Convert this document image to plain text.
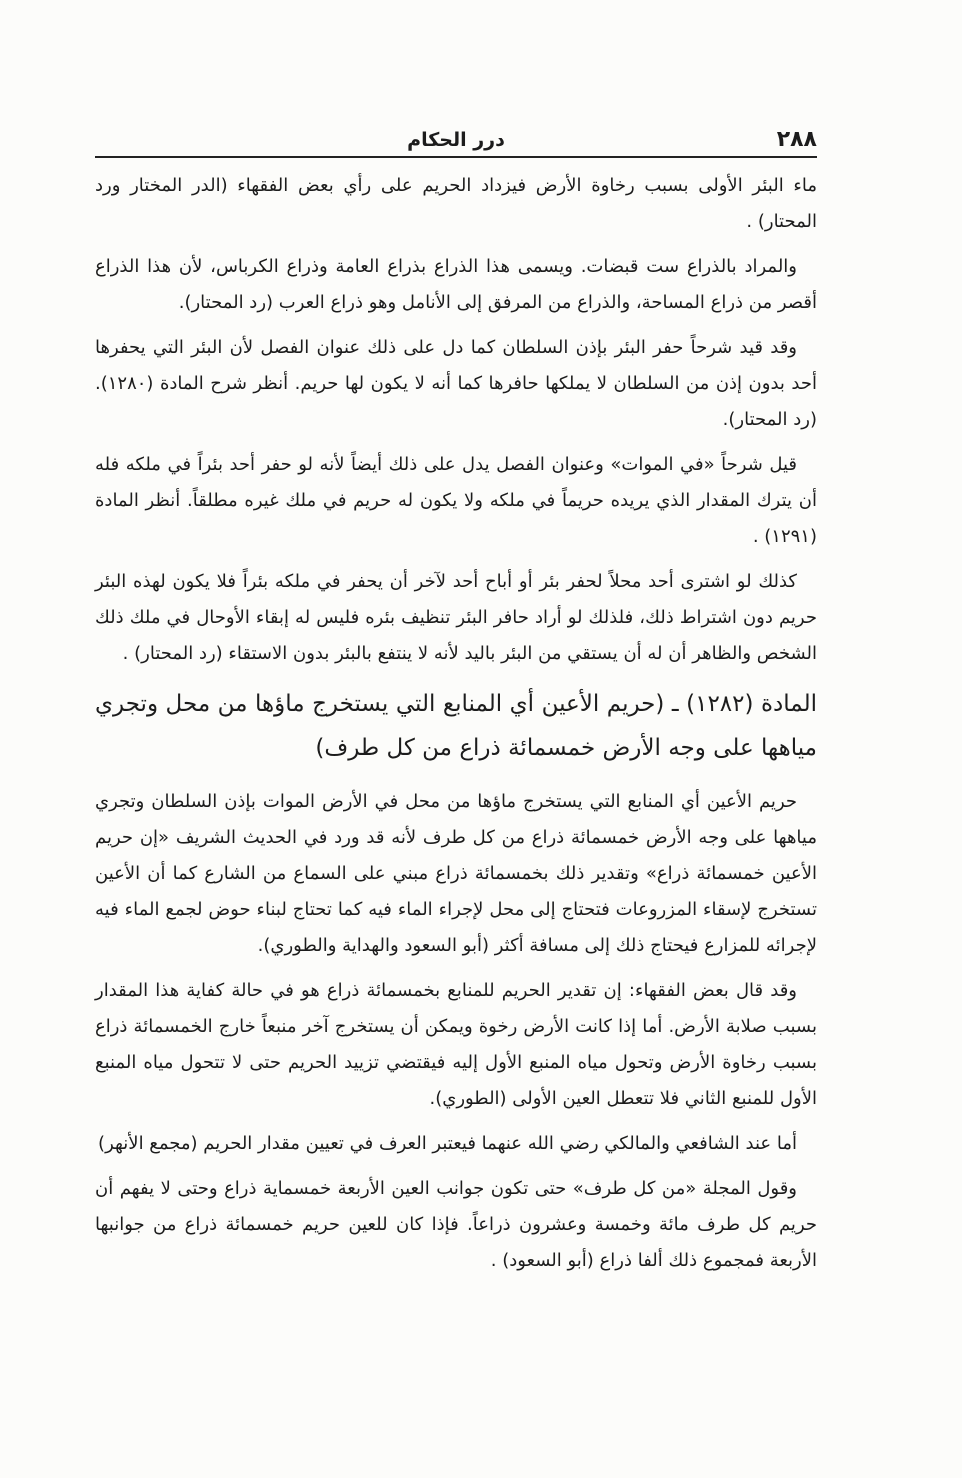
٢٨٨
درر الحكام

ماء البئر الأولى بسبب رخاوة الأرض فيزداد الحريم على رأي بعض الفقهاء (الدر المختار ورد المحتار) .

والمراد بالذراع ست قبضات. ويسمى هذا الذراع بذراع العامة وذراع الكرباس، لأن هذا الذراع أقصر من ذراع المساحة، والذراع من المرفق إلى الأنامل وهو ذراع العرب (رد المحتار).

وقد قيد شرحاً حفر البئر بإذن السلطان كما دل على ذلك عنوان الفصل لأن البئر التي يحفرها أحد بدون إذن من السلطان لا يملكها حافرها كما أنه لا يكون لها حريم. أنظر شرح المادة (١٢٨٠). (رد المحتار).

قيل شرحاً «في الموات» وعنوان الفصل يدل على ذلك أيضاً لأنه لو حفر أحد بئراً في ملكه فله أن يترك المقدار الذي يريده حريماً في ملكه ولا يكون له حريم في ملك غيره مطلقاً. أنظر المادة (١٢٩١) .

كذلك لو اشترى أحد محلاً لحفر بئر أو أباح أحد لآخر أن يحفر في ملكه بئراً فلا يكون لهذه البئر حريم دون اشتراط ذلك، فلذلك لو أراد حافر البئر تنظيف بئره فليس له إبقاء الأوحال في ملك ذلك الشخص والظاهر أن له أن يستقي من البئر باليد لأنه لا ينتفع بالبئر بدون الاستقاء (رد المحتار) .

المادة (١٢٨٢) ـ (حريم الأعين أي المنابع التي يستخرج ماؤها من محل وتجري مياهها على وجه الأرض خمسمائة ذراع من كل طرف)

حريم الأعين أي المنابع التي يستخرج ماؤها من محل في الأرض الموات بإذن السلطان وتجري مياهها على وجه الأرض خمسمائة ذراع من كل طرف لأنه قد ورد في الحديث الشريف «إن حريم الأعين خمسمائة ذراع» وتقدير ذلك بخمسمائة ذراع مبني على السماع من الشارع كما أن الأعين تستخرج لإسقاء المزروعات فتحتاج إلى محل لإجراء الماء فيه كما تحتاج لبناء حوض لجمع الماء فيه لإجرائه للمزارع فيحتاج ذلك إلى مسافة أكثر (أبو السعود والهداية والطوري).

وقد قال بعض الفقهاء: إن تقدير الحريم للمنابع بخمسمائة ذراع هو في حالة كفاية هذا المقدار بسبب صلابة الأرض. أما إذا كانت الأرض رخوة ويمكن أن يستخرج آخر منبعاً خارج الخمسمائة ذراع بسبب رخاوة الأرض وتحول مياه المنبع الأول إليه فيقتضي تزييد الحريم حتى لا تتحول مياه المنبع الأول للمنبع الثاني فلا تتعطل العين الأولى (الطوري).

أما عند الشافعي والمالكي رضي الله عنهما فيعتبر العرف في تعيين مقدار الحريم (مجمع الأنهر)

وقول المجلة «من كل طرف» حتى تكون جوانب العين الأربعة خمسماية ذراع وحتى لا يفهم أن حريم كل طرف مائة وخمسة وعشرون ذراعاً. فإذا كان للعين حريم خمسمائة ذراع من جوانبها الأربعة فمجموع ذلك ألفا ذراع (أبو السعود) .
